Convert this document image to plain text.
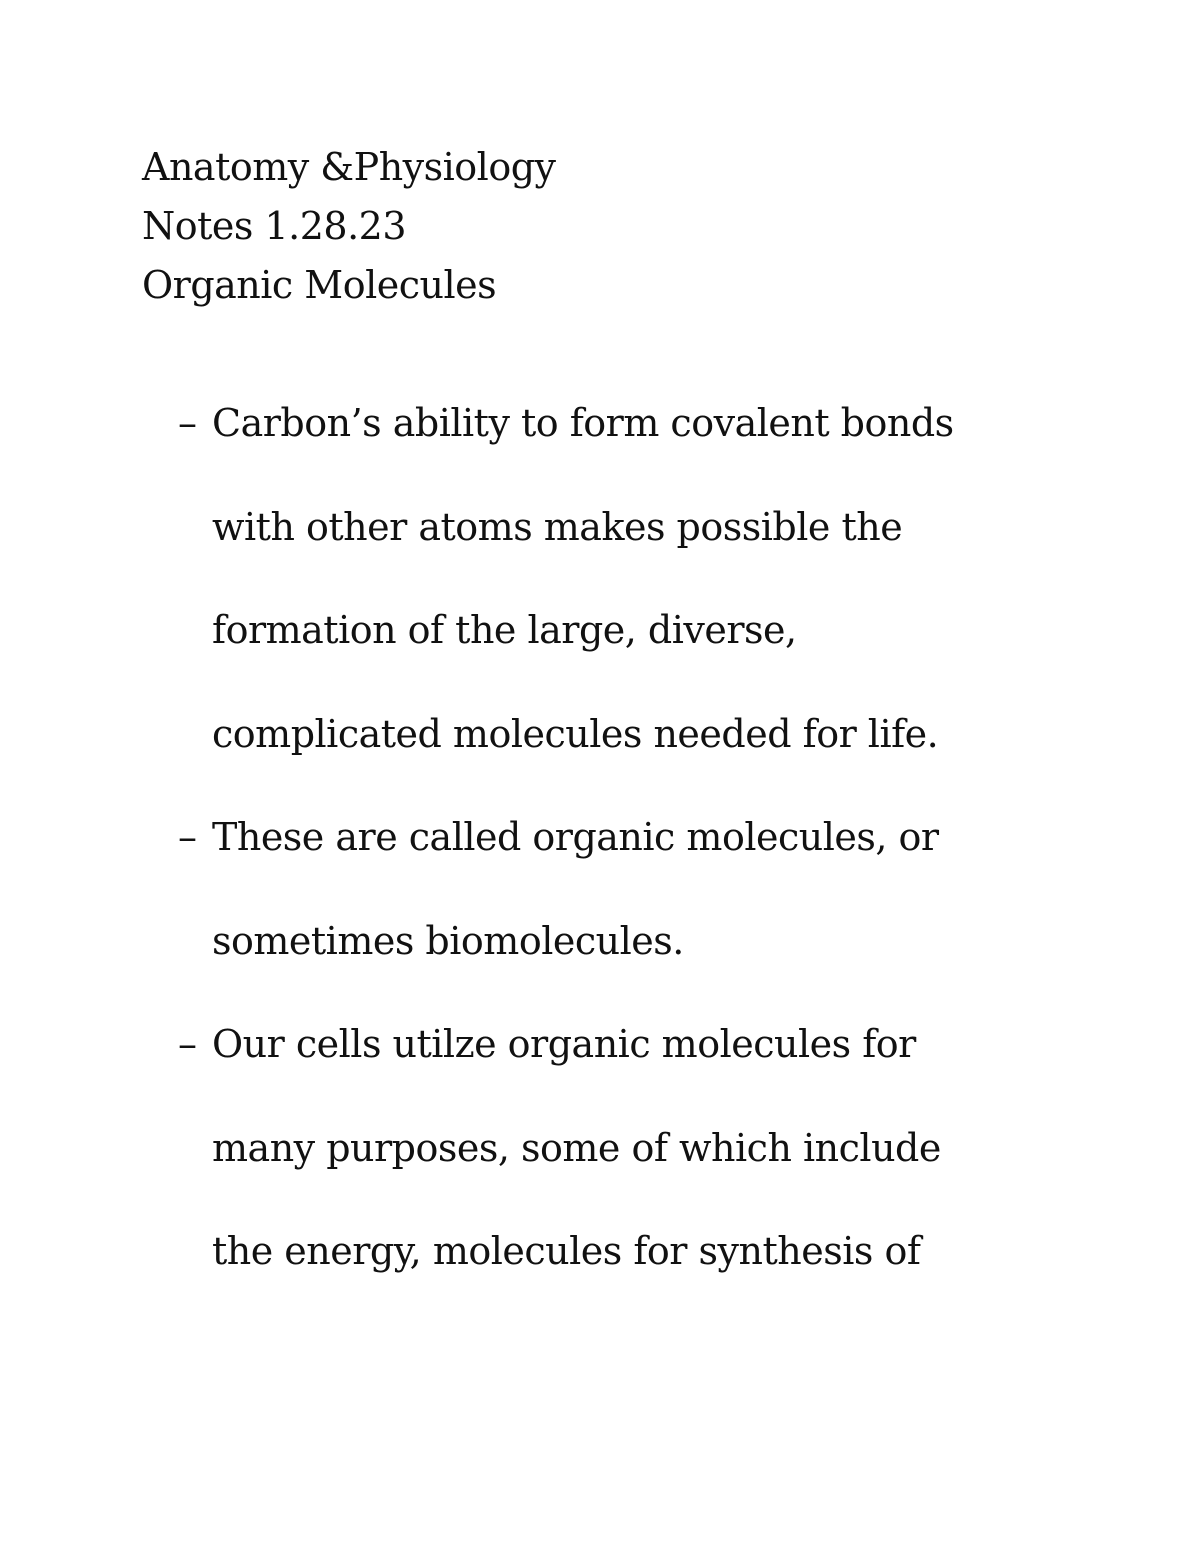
Anatomy &Physiology
Notes 1.28.23
Organic Molecules
– Carbon’s ability to form covalent bonds
with other atoms makes possible the
formation of the large, diverse,
complicated molecules needed for life.
– These are called organic molecules, or
sometimes biomolecules.
– Our cells utilze organic molecules for
many purposes, some of which include
the energy, molecules for synthesis of
